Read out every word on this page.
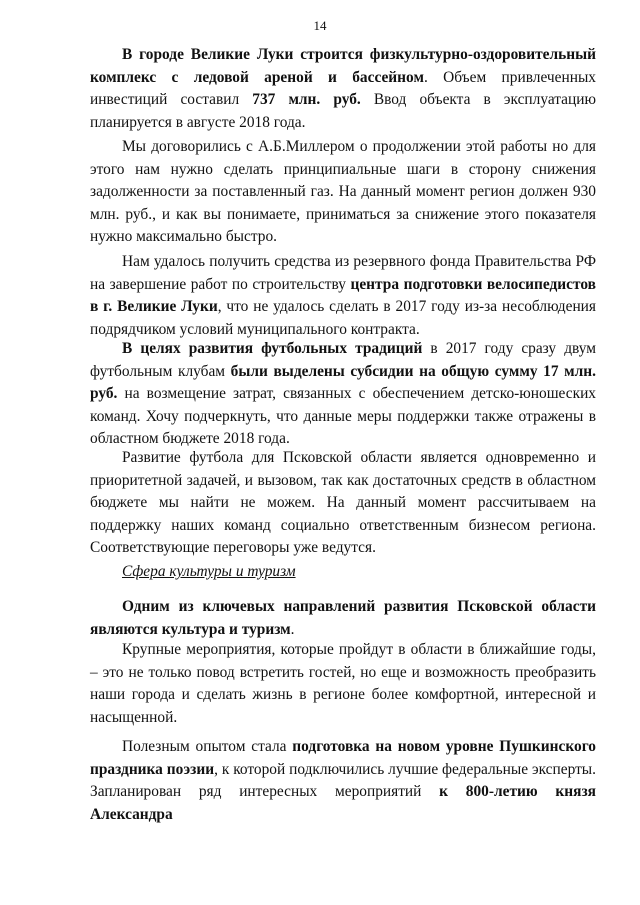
14

В городе Великие Луки строится физкультурно-оздоровительный комплекс с ледовой ареной и бассейном. Объем привлеченных инвестиций составил 737 млн. руб. Ввод объекта в эксплуатацию планируется в августе 2018 года.

Мы договорились с А.Б.Миллером о продолжении этой работы но для этого нам нужно сделать принципиальные шаги в сторону снижения задолженности за поставленный газ. На данный момент регион должен 930 млн. руб., и как вы понимаете, приниматься за снижение этого показателя нужно максимально быстро.

Нам удалось получить средства из резервного фонда Правительства РФ на завершение работ по строительству центра подготовки велосипедистов в г. Великие Луки, что не удалось сделать в 2017 году из-за несоблюдения подрядчиком условий муниципального контракта.

В целях развития футбольных традиций в 2017 году сразу двум футбольным клубам были выделены субсидии на общую сумму 17 млн. руб. на возмещение затрат, связанных с обеспечением детско-юношеских команд. Хочу подчеркнуть, что данные меры поддержки также отражены в областном бюджете 2018 года.

Развитие футбола для Псковской области является одновременно и приоритетной задачей, и вызовом, так как достаточных средств в областном бюджете мы найти не можем. На данный момент рассчитываем на поддержку наших команд социально ответственным бизнесом региона. Соответствующие переговоры уже ведутся.

Сфера культуры и туризм

Одним из ключевых направлений развития Псковской области являются культура и туризм.

Крупные мероприятия, которые пройдут в области в ближайшие годы, – это не только повод встретить гостей, но еще и возможность преобразить наши города и сделать жизнь в регионе более комфортной, интересной и насыщенной.

Полезным опытом стала подготовка на новом уровне Пушкинского праздника поэзии, к которой подключились лучшие федеральные эксперты. Запланирован ряд интересных мероприятий к 800-летию князя Александра
